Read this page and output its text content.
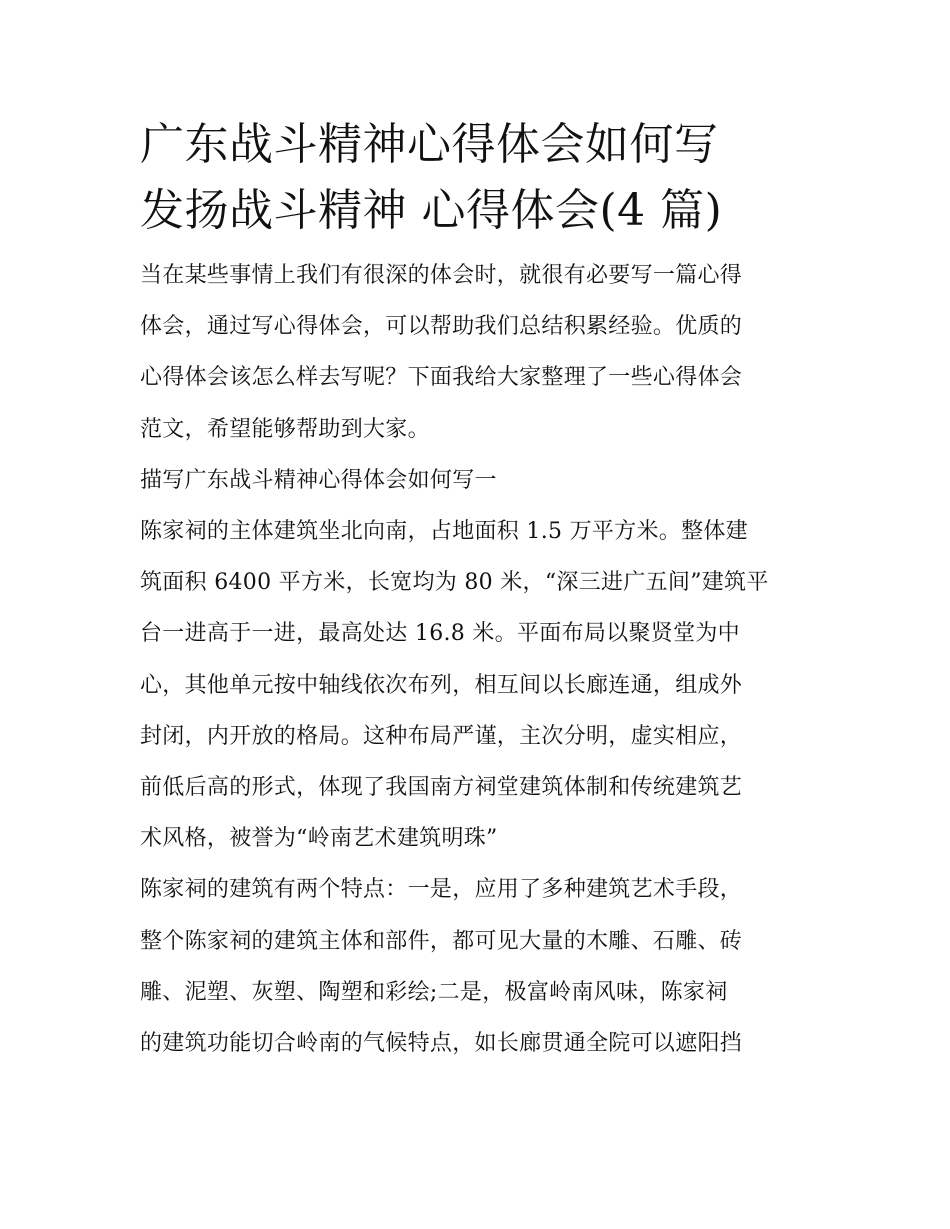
广东战斗精神心得体会如何写
发扬战斗精神 心得体会(4 篇)
当在某些事情上我们有很深的体会时，就很有必要写一篇心得
体会，通过写心得体会，可以帮助我们总结积累经验。优质的
心得体会该怎么样去写呢？下面我给大家整理了一些心得体会
范文，希望能够帮助到大家。
描写广东战斗精神心得体会如何写一
陈家祠的主体建筑坐北向南，占地面积 1.5 万平方米。整体建
筑面积 6400 平方米，长宽均为 80 米，“深三进广五间”建筑平
台一进高于一进，最高处达 16.8 米。平面布局以聚贤堂为中
心，其他单元按中轴线依次布列，相互间以长廊连通，组成外
封闭，内开放的格局。这种布局严谨，主次分明，虚实相应，
前低后高的形式，体现了我国南方祠堂建筑体制和传统建筑艺
术风格，被誉为“岭南艺术建筑明珠”
陈家祠的建筑有两个特点：一是，应用了多种建筑艺术手段，
整个陈家祠的建筑主体和部件，都可见大量的木雕、石雕、砖
雕、泥塑、灰塑、陶塑和彩绘;二是，极富岭南风味，陈家祠
的建筑功能切合岭南的气候特点，如长廊贯通全院可以遮阳挡
